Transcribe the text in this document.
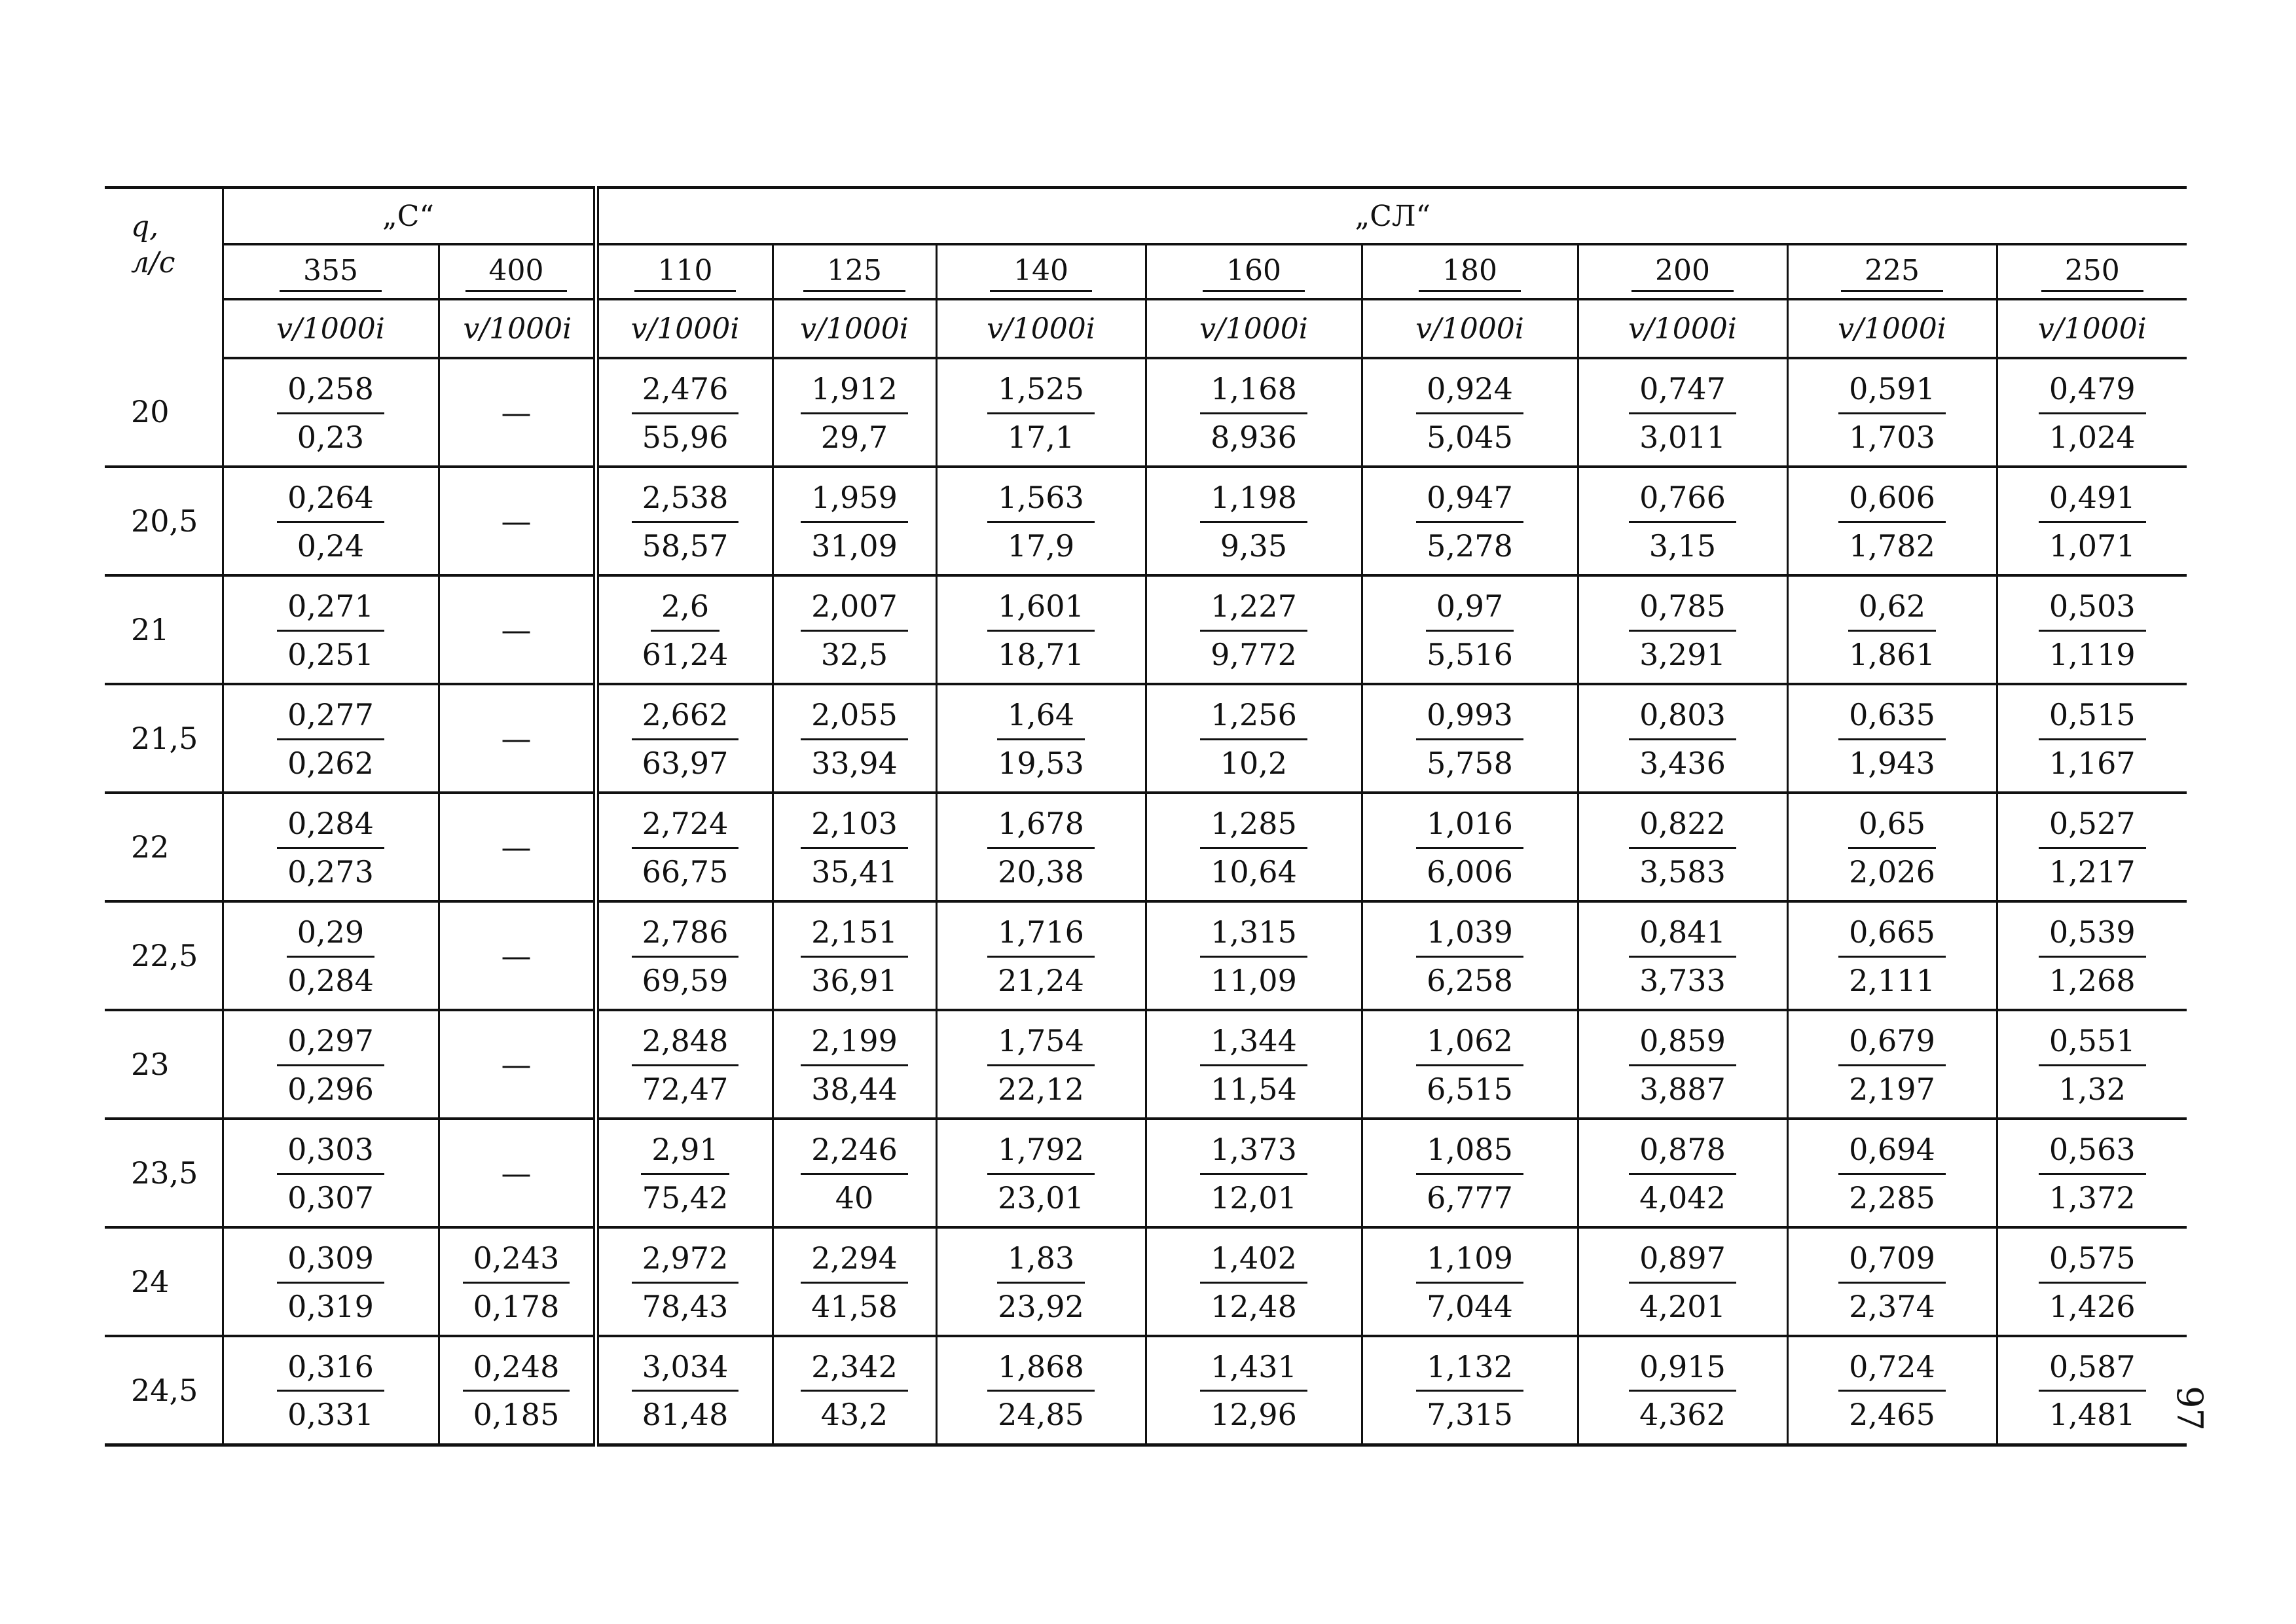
q,
л/с	„С“		„СЛ“							
	355	400	110	125	140	160	180	200	225	250
	v/1000i	v/1000i	v/1000i	v/1000i	v/1000i	v/1000i	v/1000i	v/1000i	v/1000i	v/1000i
20	$\frac{0,258}{0,23}$	—	$\frac{2,476}{55,96}$	$\frac{1,912}{29,7}$	$\frac{1,525}{17,1}$	$\frac{1,168}{8,936}$	$\frac{0,924}{5,045}$	$\frac{0,747}{3,011}$	$\frac{0,591}{1,703}$	$\frac{0,479}{1,024}$

20,5	$\frac{0,264}{0,24}$	—	$\frac{2,538}{58,57}$	$\frac{1,959}{31,09}$	$\frac{1,563}{17,9}$	$\frac{1,198}{9,35}$	$\frac{0,947}{5,278}$	$\frac{0,766}{3,15}$	$\frac{0,606}{1,782}$	$\frac{0,491}{1,071}$

21	$\frac{0,271}{0,251}$	—	$\frac{2,6}{61,24}$	$\frac{2,007}{32,5}$	$\frac{1,601}{18,71}$	$\frac{1,227}{9,772}$	$\frac{0,97}{5,516}$	$\frac{0,785}{3,291}$	$\frac{0,62}{1,861}$	$\frac{0,503}{1,119}$

21,5	$\frac{0,277}{0,262}$	—	$\frac{2,662}{63,97}$	$\frac{2,055}{33,94}$	$\frac{1,64}{19,53}$	$\frac{1,256}{10,2}$	$\frac{0,993}{5,758}$	$\frac{0,803}{3,436}$	$\frac{0,635}{1,943}$	$\frac{0,515}{1,167}$

22	$\frac{0,284}{0,273}$	—	$\frac{2,724}{66,75}$	$\frac{2,103}{35,41}$	$\frac{1,678}{20,38}$	$\frac{1,285}{10,64}$	$\frac{1,016}{6,006}$	$\frac{0,822}{3,583}$	$\frac{0,65}{2,026}$	$\frac{0,527}{1,217}$

22,5	$\frac{0,29}{0,284}$	—	$\frac{2,786}{69,59}$	$\frac{2,151}{36,91}$	$\frac{1,716}{21,24}$	$\frac{1,315}{11,09}$	$\frac{1,039}{6,258}$	$\frac{0,841}{3,733}$	$\frac{0,665}{2,111}$	$\frac{0,539}{1,268}$

23	$\frac{0,297}{0,296}$	—	$\frac{2,848}{72,47}$	$\frac{2,199}{38,44}$	$\frac{1,754}{22,12}$	$\frac{1,344}{11,54}$	$\frac{1,062}{6,515}$	$\frac{0,859}{3,887}$	$\frac{0,679}{2,197}$	$\frac{0,551}{1,32}$

23,5	$\frac{0,303}{0,307}$	—	$\frac{2,91}{75,42}$	$\frac{2,246}{40}$	$\frac{1,792}{23,01}$	$\frac{1,373}{12,01}$	$\frac{1,085}{6,777}$	$\frac{0,878}{4,042}$	$\frac{0,694}{2,285}$	$\frac{0,563}{1,372}$

24	$\frac{0,309}{0,319}$	$\frac{0,243}{0,178}$	$\frac{2,972}{78,43}$	$\frac{2,294}{41,58}$	$\frac{1,83}{23,92}$	$\frac{1,402}{12,48}$	$\frac{1,109}{7,044}$	$\frac{0,897}{4,201}$	$\frac{0,709}{2,374}$	$\frac{0,575}{1,426}$

24,5	$\frac{0,316}{0,331}$	$\frac{0,248}{0,185}$	$\frac{3,034}{81,48}$	$\frac{2,342}{43,2}$	$\frac{1,868}{24,85}$	$\frac{1,431}{12,96}$	$\frac{1,132}{7,315}$	$\frac{0,915}{4,362}$	$\frac{0,724}{2,465}$	$\frac{0,587}{1,481} 97$
